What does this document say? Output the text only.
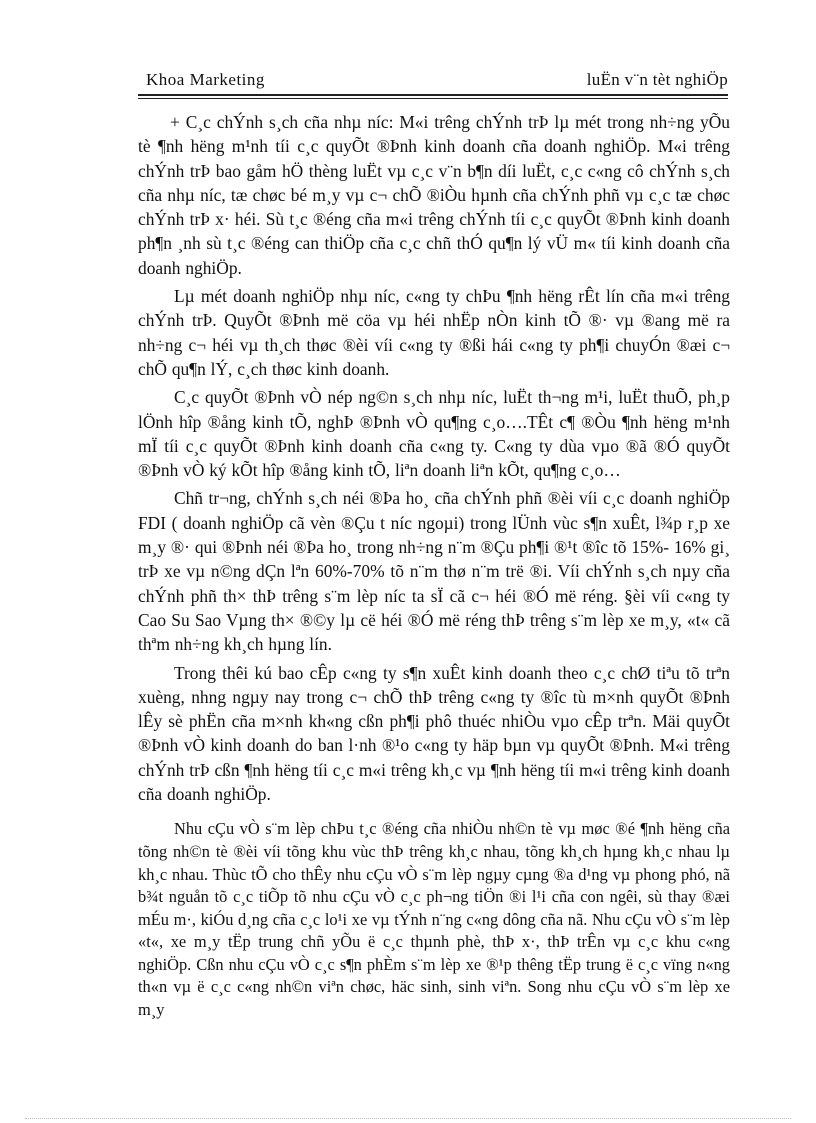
Khoa Marketing	luËn v¨n tèt nghiÖp

+ C¸c chÝnh s¸ch cña nhµ níc: M«i trêng chÝnh trÞ lµ mét trong nh÷ng yÕu tè ¶nh hëng m¹nh tíi c¸c quyÕt ®Þnh kinh doanh cña doanh nghiÖp. M«i trêng chÝnh trÞ bao gåm hÖ thèng luËt vµ c¸c v¨n b¶n díi luËt, c¸c c«ng cô chÝnh s¸ch cña nhµ níc, tæ chøc bé m¸y vµ c¬ chÕ ®iÒu hµnh cña chÝnh phñ vµ c¸c tæ chøc chÝnh trÞ x· héi. Sù t¸c ®éng cña m«i trêng chÝnh tíi c¸c quyÕt ®Þnh kinh doanh ph¶n ¸nh sù t¸c ®éng can thiÖp cña c¸c chñ thÓ qu¶n lý vÜ m« tíi kinh doanh cña doanh nghiÖp.

Lµ mét doanh nghiÖp nhµ níc, c«ng ty chÞu ¶nh hëng rÊt lín cña m«i trêng chÝnh trÞ. QuyÕt ®Þnh më cöa vµ héi nhËp nÒn kinh tÕ ®· vµ ®ang më ra nh÷ng c¬ héi vµ th¸ch thøc ®èi víi c«ng ty ®ßi hái c«ng ty ph¶i chuyÓn ®æi c¬ chÕ qu¶n lÝ, c¸ch thøc kinh doanh.

C¸c quyÕt ®Þnh vÒ nép ng©n s¸ch nhµ níc, luËt th¬ng m¹i, luËt thuÕ, ph¸p lÖnh hîp ®ång kinh tÕ, nghÞ ®Þnh vÒ qu¶ng c¸o….TÊt c¶ ®Òu ¶nh hëng m¹nh mÏ tíi c¸c quyÕt ®Þnh kinh doanh cña c«ng ty. C«ng ty dùa vµo ®ã ®Ó quyÕt ®Þnh vÒ ký kÕt hîp ®ång kinh tÕ, liªn doanh liªn kÕt, qu¶ng c¸o…

Chñ tr¬ng, chÝnh s¸ch néi ®Þa ho¸ cña chÝnh phñ ®èi víi c¸c doanh nghiÖp FDI ( doanh nghiÖp cã vèn ®Çu t níc ngoµi) trong lÜnh vùc s¶n xuÊt, l¾p r¸p xe m¸y ®· qui ®Þnh néi ®Þa ho¸ trong nh÷ng n¨m ®Çu ph¶i ®¹t ®îc tõ 15%- 16% gi¸ trÞ xe vµ n©ng dÇn lªn 60%-70% tõ n¨m thø n¨m trë ®i. Víi chÝnh s¸ch nµy cña chÝnh phñ th× thÞ trêng s¨m lèp níc ta sÏ cã c¬ héi ®Ó më réng. §èi víi c«ng ty Cao Su Sao Vµng th× ®©y lµ cë héi ®Ó më réng thÞ trêng s¨m lèp xe m¸y, «t« cã thªm nh÷ng kh¸ch hµng lín.

Trong thêi kú bao cÊp c«ng ty s¶n xuÊt kinh doanh theo c¸c chØ tiªu tõ trªn xuèng, nhng ngµy nay trong c¬ chÕ thÞ trêng c«ng ty ®îc tù m×nh quyÕt ®Þnh lÊy sè phËn cña m×nh kh«ng cßn ph¶i phô thuéc nhiÒu vµo cÊp trªn. Mäi quyÕt ®Þnh vÒ kinh doanh do ban l·nh ®¹o c«ng ty häp bµn vµ quyÕt ®Þnh. M«i trêng chÝnh trÞ cßn ¶nh hëng tíi c¸c m«i trêng kh¸c vµ ¶nh hëng tíi m«i trêng kinh doanh cña doanh nghiÖp.

Nhu cÇu vÒ s¨m lèp chÞu t¸c ®éng cña nhiÒu nh©n tè vµ møc ®é ¶nh hëng cña tõng nh©n tè ®èi víi tõng khu vùc thÞ trêng kh¸c nhau, tõng kh¸ch hµng kh¸c nhau lµ kh¸c nhau. Thùc tÕ cho thÊy nhu cÇu vÒ s¨m lèp ngµy cµng ®a d¹ng vµ phong phó, nã b¾t nguån tõ c¸c tiÕp tõ nhu cÇu vÒ c¸c ph¬ng tiÖn ®i l¹i cña con ngêi, sù thay ®æi mÉu m·, kiÓu d¸ng cña c¸c lo¹i xe vµ tÝnh n¨ng c«ng dông cña nã. Nhu cÇu vÒ s¨m lèp «t«, xe m¸y tËp trung chñ yÕu ë c¸c thµnh phè, thÞ x·, thÞ trÊn vµ c¸c khu c«ng nghiÖp. Cßn nhu cÇu vÒ c¸c s¶n phÈm s¨m lèp xe ®¹p thêng tËp trung ë c¸c vïng n«ng th«n vµ ë c¸c c«ng nh©n viªn chøc, häc sinh, sinh viªn. Song nhu cÇu vÒ s¨m lèp xe m¸y
